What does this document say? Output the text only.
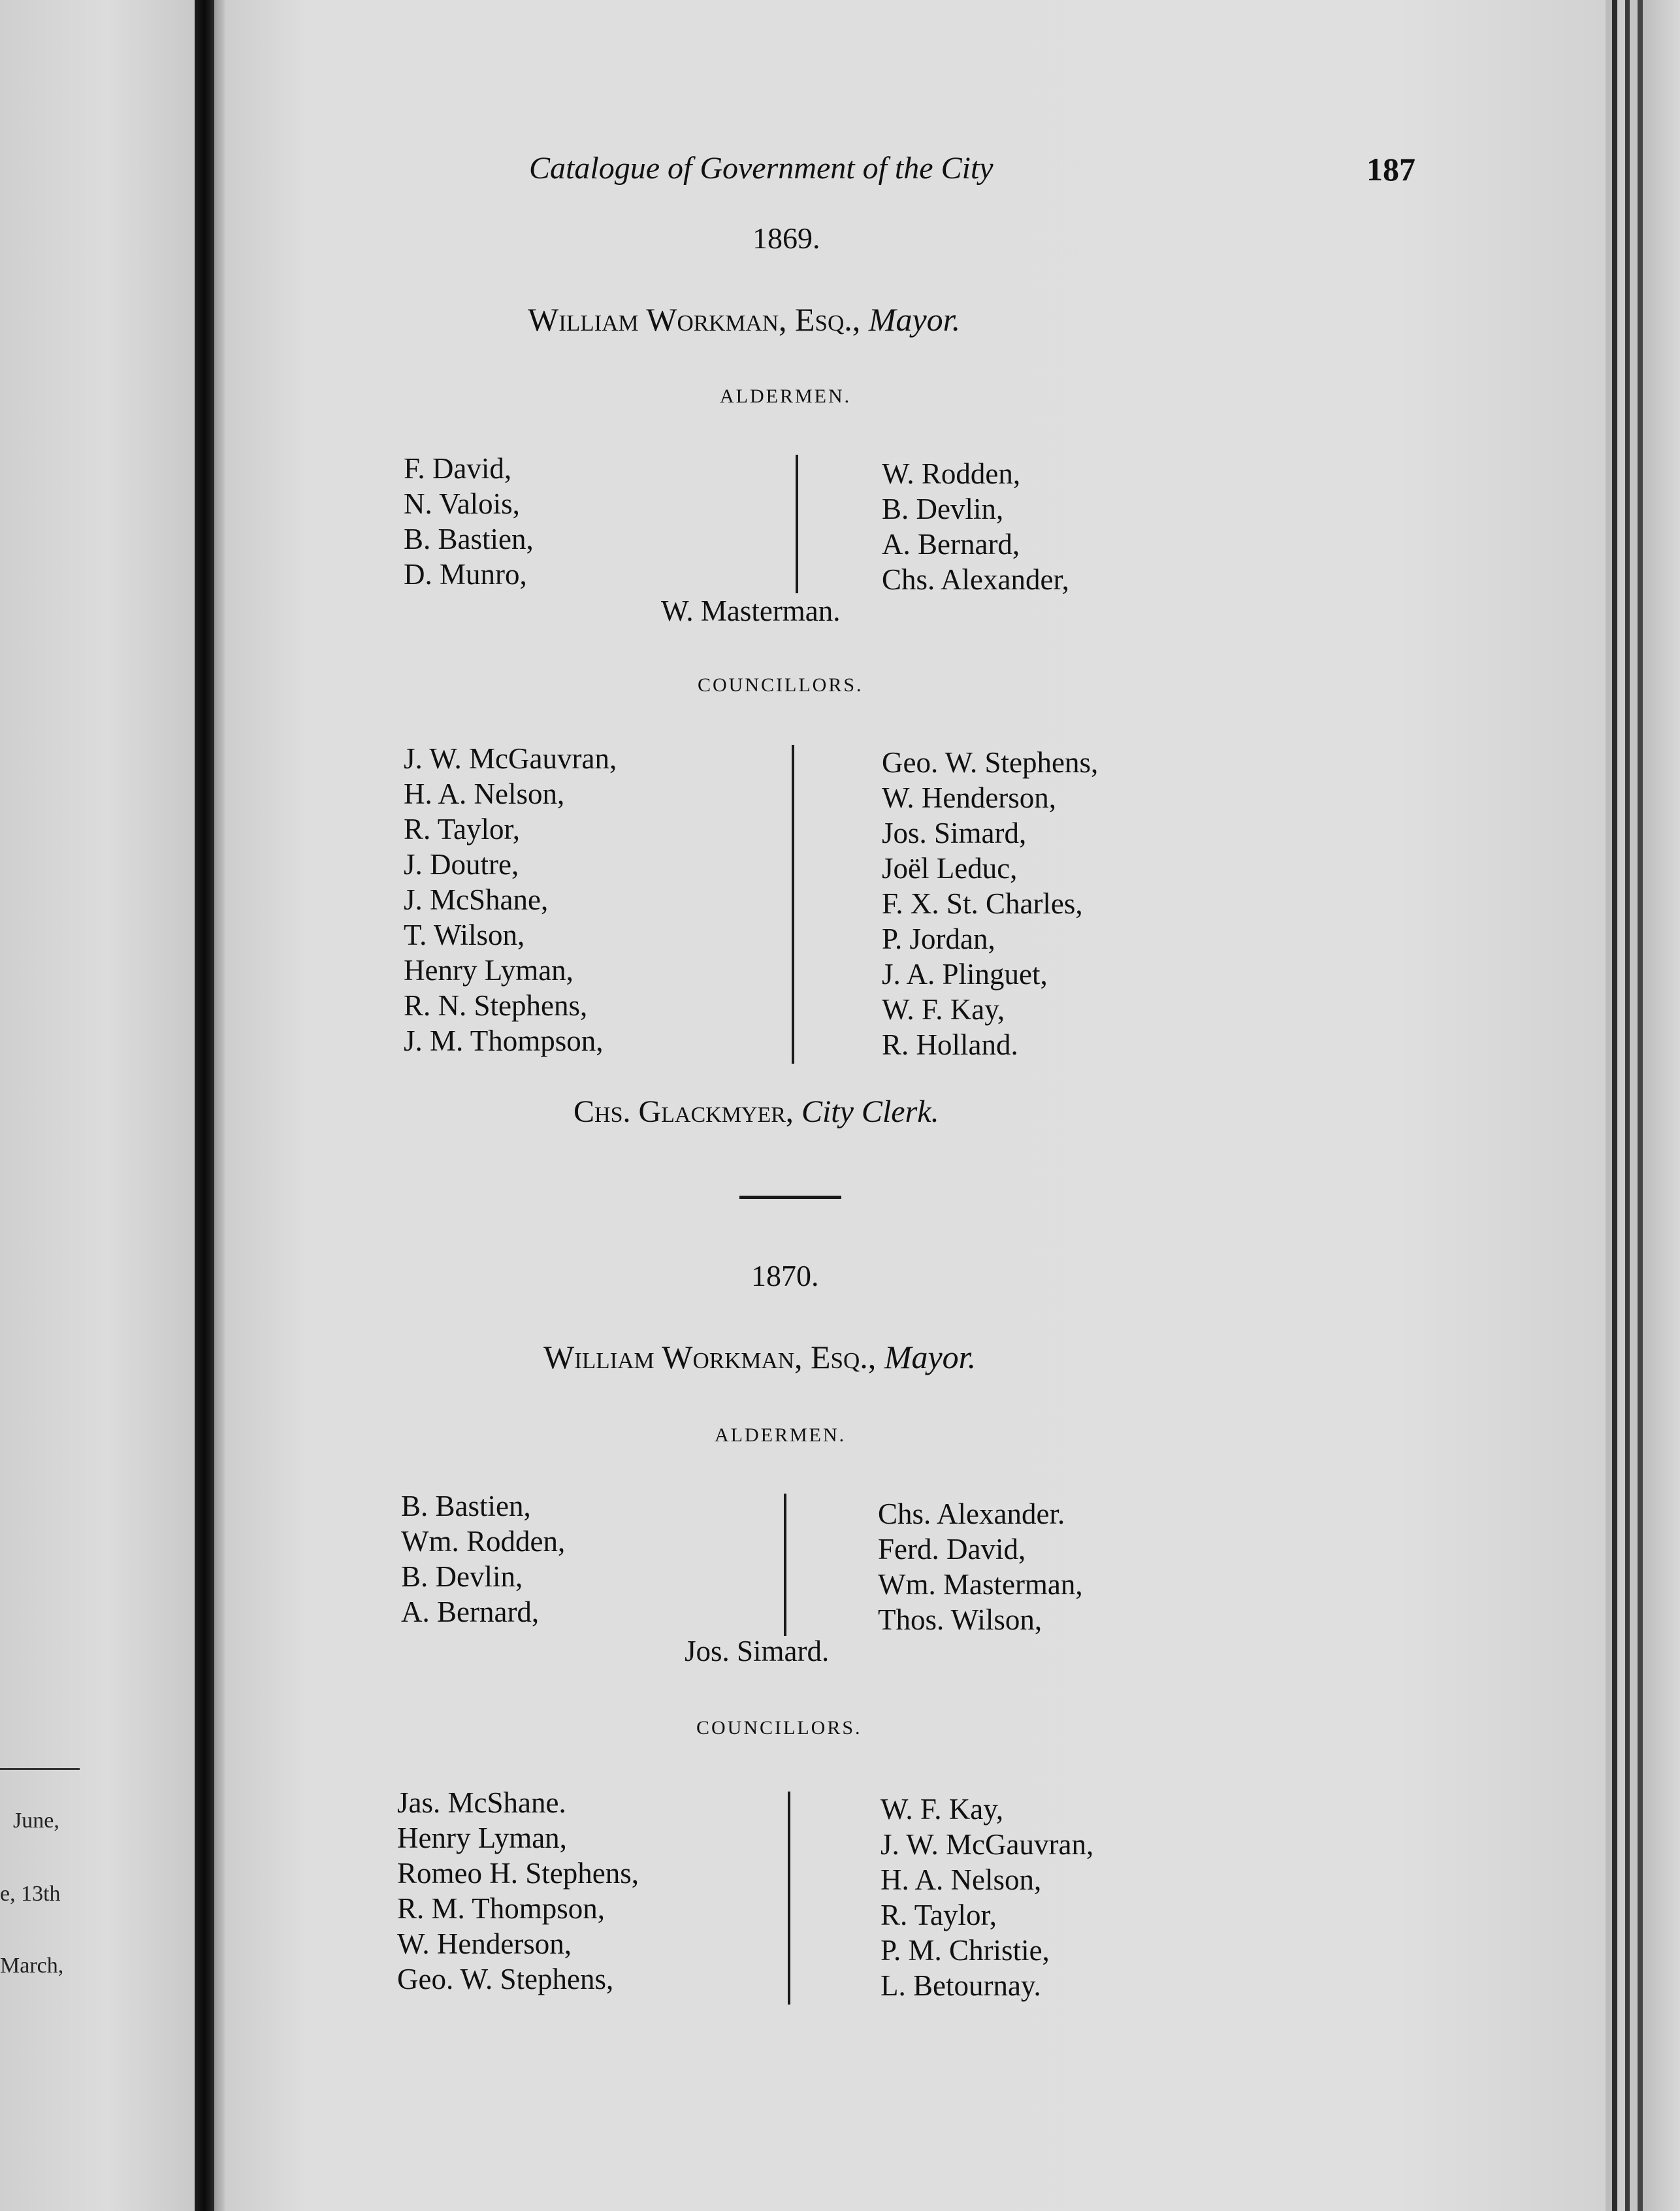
June,

e, 13th

March,

Catalogue of Government of the City	187

1869.

William Workman, Esq., Mayor.

ALDERMEN.

F. David,
N. Valois,
B. Bastien,
D. Munro,
W. Rodden,
B. Devlin,
A. Bernard,
Chs. Alexander,

W. Masterman.

COUNCILLORS.

J. W. McGauvran,
H. A. Nelson,
R. Taylor,
J. Doutre,
J. McShane,
T. Wilson,
Henry Lyman,
R. N. Stephens,
J. M. Thompson,
Geo. W. Stephens,
W. Henderson,
Jos. Simard,
Joël Leduc,
F. X. St. Charles,
P. Jordan,
J. A. Plinguet,
W. F. Kay,
R. Holland.

Chs. Glackmyer, City Clerk.

1870.

William Workman, Esq., Mayor.

ALDERMEN.

B. Bastien,
Wm. Rodden,
B. Devlin,
A. Bernard,
Chs. Alexander.
Ferd. David,
Wm. Masterman,
Thos. Wilson,

Jos. Simard.

COUNCILLORS.

Jas. McShane.
Henry Lyman,
Romeo H. Stephens,
R. M. Thompson,
W. Henderson,
Geo. W. Stephens,
W. F. Kay,
J. W. McGauvran,
H. A. Nelson,
R. Taylor,
P. M. Christie,
L. Betournay.
